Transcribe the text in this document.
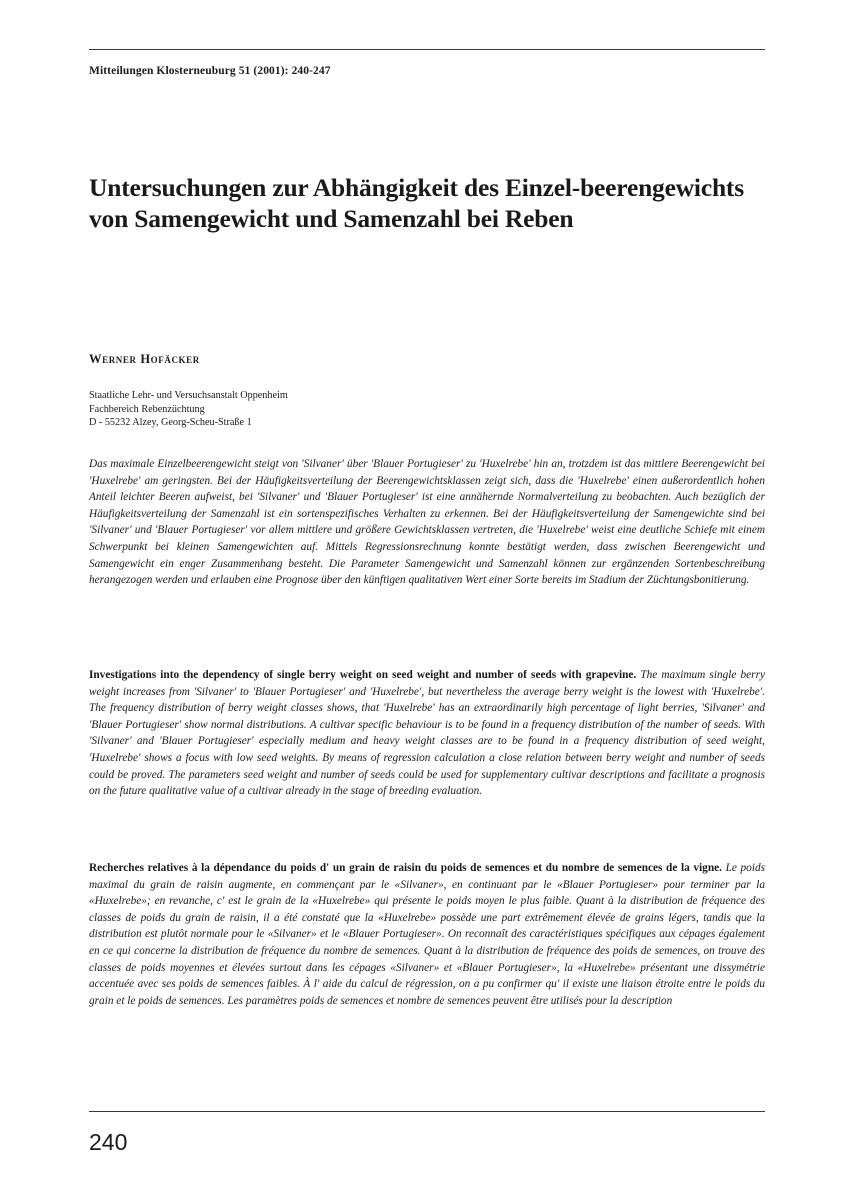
Mitteilungen Klosterneuburg 51 (2001): 240-247
Untersuchungen zur Abhängigkeit des Einzel-beerengewichts von Samengewicht und Samenzahl bei Reben
Werner Hofäcker
Staatliche Lehr- und Versuchsanstalt Oppenheim
Fachbereich Rebenzüchtung
D - 55232 Alzey, Georg-Scheu-Straße 1

Das maximale Einzelbeerengewicht steigt von 'Silvaner' über 'Blauer Portugieser' zu 'Huxelrebe' hin an, trotzdem ist das mittlere Beerengewicht bei 'Huxelrebe' am geringsten. Bei der Häufigkeitsverteilung der Beerengewichtsklassen zeigt sich, dass die 'Huxelrebe' einen außerordentlich hohen Anteil leichter Beeren aufweist, bei 'Silvaner' und 'Blauer Portugieser' ist eine annähernde Normalverteilung zu beobachten. Auch bezüglich der Häufigkeitsverteilung der Samenzahl ist ein sortenspezifisches Verhalten zu erkennen. Bei der Häufigkeitsverteilung der Samengewichte sind bei 'Silvaner' und 'Blauer Portugieser' vor allem mittlere und größere Gewichtsklassen vertreten, die 'Huxelrebe' weist eine deutliche Schiefe mit einem Schwerpunkt bei kleinen Samengewichten auf. Mittels Regressionsrechnung konnte bestätigt werden, dass zwischen Beerengewicht und Samengewicht ein enger Zusammenhang besteht. Die Parameter Samengewicht und Samenzahl können zur ergänzenden Sortenbeschreibung herangezogen werden und erlauben eine Prognose über den künftigen qualitativen Wert einer Sorte bereits im Stadium der Züchtungsbonitierung.

Investigations into the dependency of single berry weight on seed weight and number of seeds with grapevine. The maximum single berry weight increases from 'Silvaner' to 'Blauer Portugieser' and 'Huxelrebe', but nevertheless the average berry weight is the lowest with 'Huxelrebe'. The frequency distribution of berry weight classes shows, that 'Huxelrebe' has an extraordinarily high percentage of light berries, 'Silvaner' and 'Blauer Portugieser' show normal distributions. A cultivar specific behaviour is to be found in a frequency distribution of the number of seeds. With 'Silvaner' and 'Blauer Portugieser' especially medium and heavy weight classes are to be found in a frequency distribution of seed weight, 'Huxelrebe' shows a focus with low seed weights. By means of regression calculation a close relation between berry weight and number of seeds could be proved. The parameters seed weight and number of seeds could be used for supplementary cultivar descriptions and facilitate a prognosis on the future qualitative value of a cultivar already in the stage of breeding evaluation.

Recherches relatives à la dépendance du poids d' un grain de raisin du poids de semences et du nombre de semences de la vigne. Le poids maximal du grain de raisin augmente, en commençant par le «Silvaner», en continuant par le «Blauer Portugieser» pour terminer par la «Huxelrebe»; en revanche, c' est le grain de la «Huxelrebe» qui présente le poids moyen le plus faible. Quant à la distribution de fréquence des classes de poids du grain de raisin, il a été constaté que la «Huxelrebe» possède une part extrêmement élevée de grains légers, tandis que la distribution est plutôt normale pour le «Silvaner» et le «Blauer Portugieser». On reconnaît des caractéristiques spécifiques aux cépages également en ce qui concerne la distribution de fréquence du nombre de semences. Quant à la distribution de fréquence des poids de semences, on trouve des classes de poids moyennes et élevées surtout dans les cépages «Silvaner» et «Blauer Portugieser», la «Huxelrebe» présentant une dissymétrie accentuée avec ses poids de semences faibles. À l' aide du calcul de régression, on a pu confirmer qu' il existe une liaison étroite entre le poids du grain et le poids de semences. Les paramètres poids de semences et nombre de semences peuvent être utilisés pour la description

240
